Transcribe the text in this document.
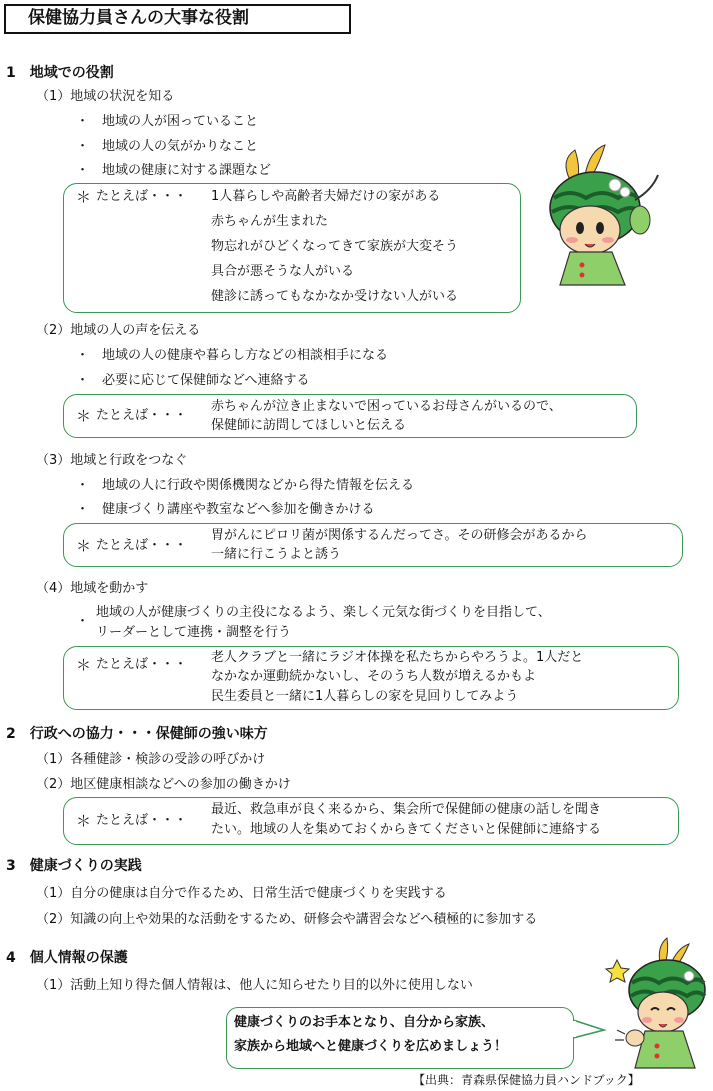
保健協力員さんの大事な役割
1　地域での役割
（1）地域の状況を知る
・　地域の人が困っていること
・　地域の人の気がかりなこと
・　地域の健康に対する課題など
＊ たとえば・・・ 1人暮らしや高齢者夫婦だけの家がある
赤ちゃんが生まれた
物忘れがひどくなってきて家族が大変そう
具合が悪そうな人がいる
健診に誘ってもなかなか受けない人がいる
（2）地域の人の声を伝える
・　地域の人の健康や暮らし方などの相談相手になる
・　必要に応じて保健師などへ連絡する
＊ たとえば・・・
赤ちゃんが泣き止まないで困っているお母さんがいるので、
保健師に訪問してほしいと伝える
（3）地域と行政をつなぐ
・　地域の人に行政や関係機関などから得た情報を伝える
・　健康づくり講座や教室などへ参加を働きかける
＊ たとえば・・・
胃がんにピロリ菌が関係するんだってさ。その研修会があるから
一緒に行こうよと誘う
（4）地域を動かす
・
地域の人が健康づくりの主役になるよう、楽しく元気な街づくりを目指して、
リーダーとして連携・調整を行う
＊ たとえば・・・ 老人クラブと一緒にラジオ体操を私たちからやろうよ。1人だと
なかなか運動続かないし、そのうち人数が増えるかもよ
民生委員と一緒に1人暮らしの家を見回りしてみよう
2　行政への協力・・・保健師の強い味方
（1）各種健診・検診の受診の呼びかけ
（2）地区健康相談などへの参加の働きかけ
＊ たとえば・・・
最近、救急車が良く来るから、集会所で保健師の健康の話しを聞き
たい。地域の人を集めておくからきてくださいと保健師に連絡する
3　健康づくりの実践
（1）自分の健康は自分で作るため、日常生活で健康づくりを実践する
（2）知識の向上や効果的な活動をするため、研修会や講習会などへ積極的に参加する
4　個人情報の保護
（1）活動上知り得た個人情報は、他人に知らせたり目的以外に使用しない
健康づくりのお手本となり、自分から家族、
家族から地域へと健康づくりを広めましょう！
【出典：青森県保健協力員ハンドブック】
